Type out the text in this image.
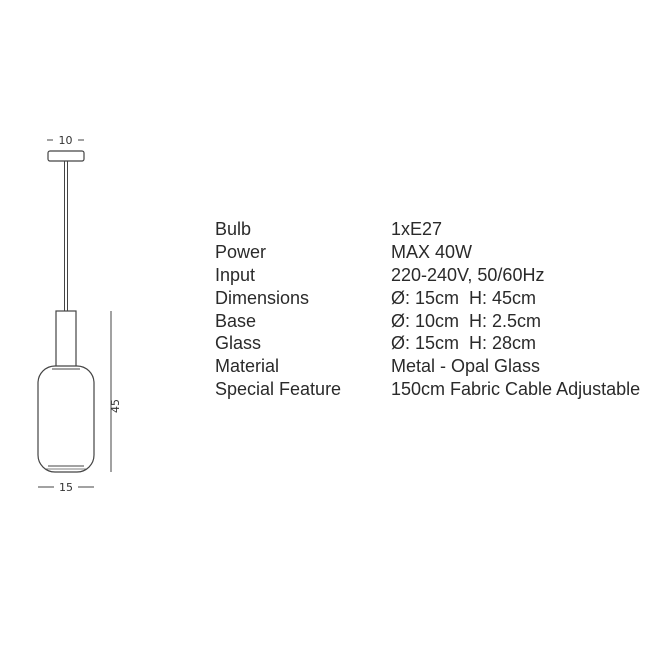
10
45
15
Bulb	1xE27
Power	MAX 40W
Input	220-240V, 50/60Hz
Dimensions	Ø: 15cm  H: 45cm
Base	Ø: 10cm  H: 2.5cm
Glass	Ø: 15cm  H: 28cm
Material	Metal - Opal Glass
Special Feature	150cm Fabric Cable Adjustable
